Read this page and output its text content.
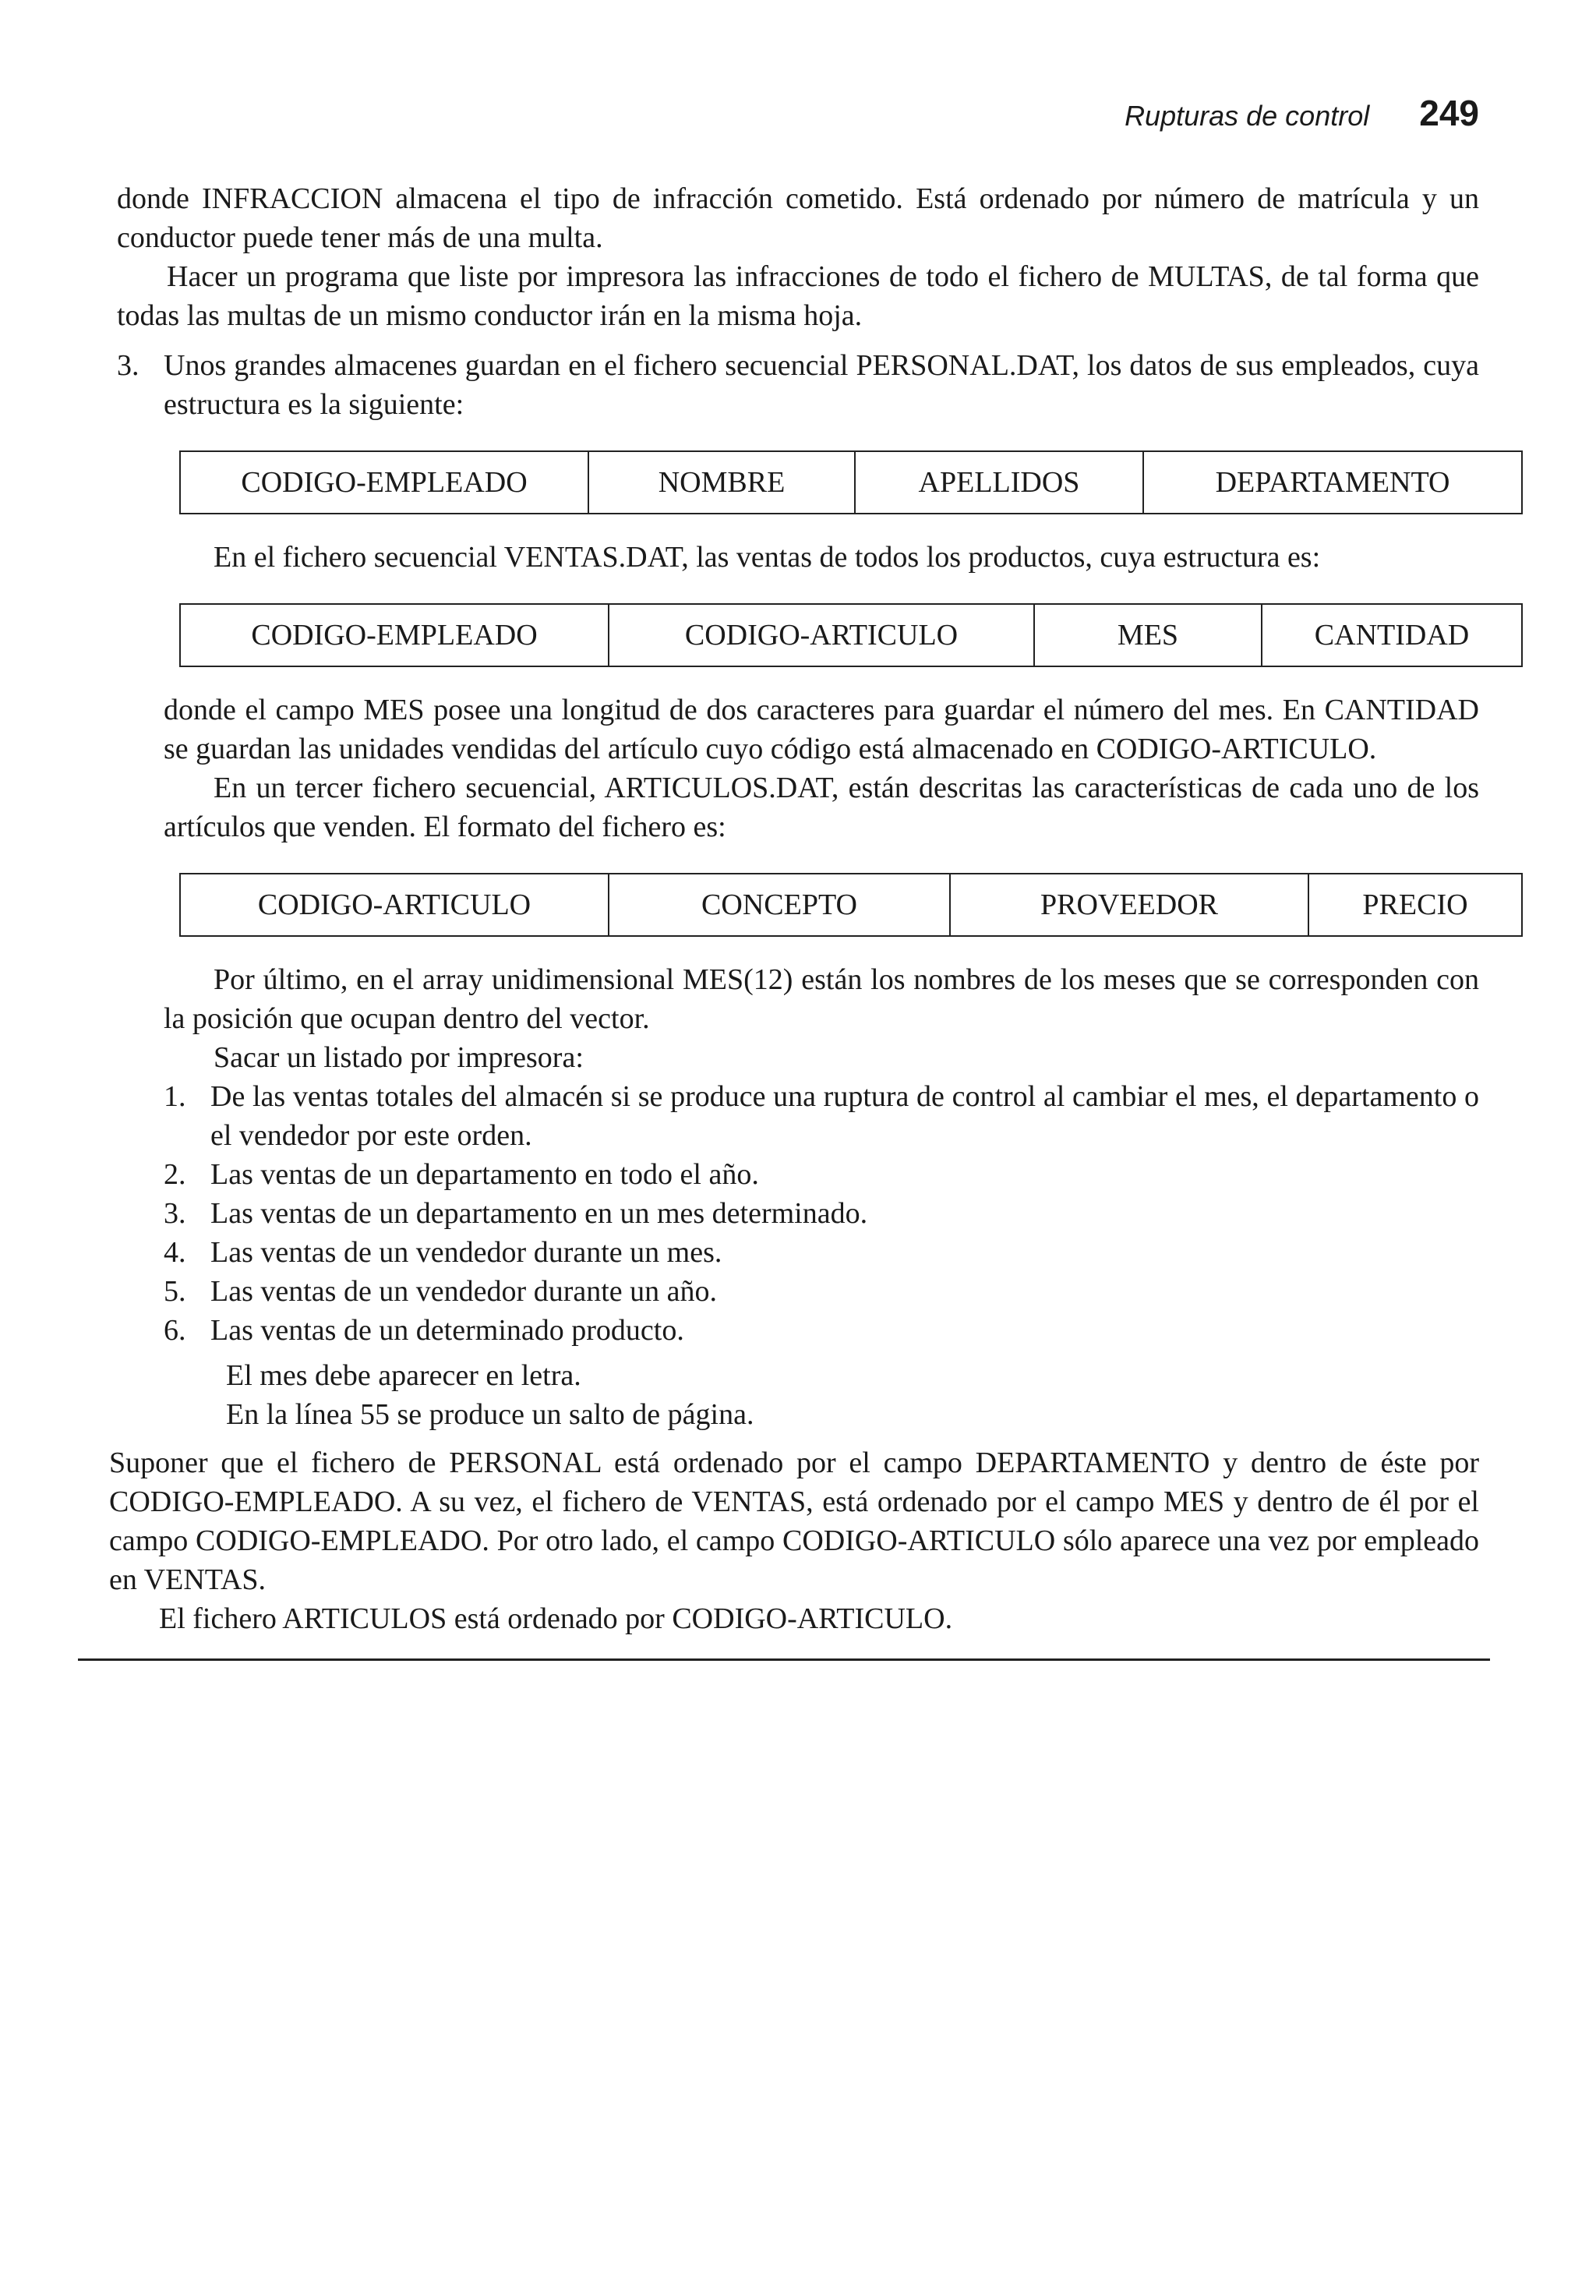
Rupturas de control 249

donde INFRACCION almacena el tipo de infracción cometido. Está ordenado por número de matrícula y un conductor puede tener más de una multa.

Hacer un programa que liste por impresora las infracciones de todo el fichero de MULTAS, de tal forma que todas las multas de un mismo conductor irán en la misma hoja.

3. Unos grandes almacenes guardan en el fichero secuencial PERSONAL.DAT, los datos de sus empleados, cuya estructura es la siguiente:

CODIGO-EMPLEADO	NOMBRE	APELLIDOS	DEPARTAMENTO

En el fichero secuencial VENTAS.DAT, las ventas de todos los productos, cuya estructura es:

CODIGO-EMPLEADO	CODIGO-ARTICULO	MES	CANTIDAD

donde el campo MES posee una longitud de dos caracteres para guardar el número del mes. En CANTIDAD se guardan las unidades vendidas del artículo cuyo código está almacenado en CODIGO-ARTICULO.

En un tercer fichero secuencial, ARTICULOS.DAT, están descritas las características de cada uno de los artículos que venden. El formato del fichero es:

CODIGO-ARTICULO	CONCEPTO	PROVEEDOR	PRECIO

Por último, en el array unidimensional MES(12) están los nombres de los meses que se corresponden con la posición que ocupan dentro del vector.

Sacar un listado por impresora:

1. De las ventas totales del almacén si se produce una ruptura de control al cambiar el mes, el departamento o el vendedor por este orden.

2. Las ventas de un departamento en todo el año.

3. Las ventas de un departamento en un mes determinado.

4. Las ventas de un vendedor durante un mes.

5. Las ventas de un vendedor durante un año.

6. Las ventas de un determinado producto.

El mes debe aparecer en letra.

En la línea 55 se produce un salto de página.

Suponer que el fichero de PERSONAL está ordenado por el campo DEPARTAMENTO y dentro de éste por CODIGO-EMPLEADO. A su vez, el fichero de VENTAS, está ordenado por el campo MES y dentro de él por el campo CODIGO-EMPLEADO. Por otro lado, el campo CODIGO-ARTICULO sólo aparece una vez por empleado en VENTAS.

El fichero ARTICULOS está ordenado por CODIGO-ARTICULO.
